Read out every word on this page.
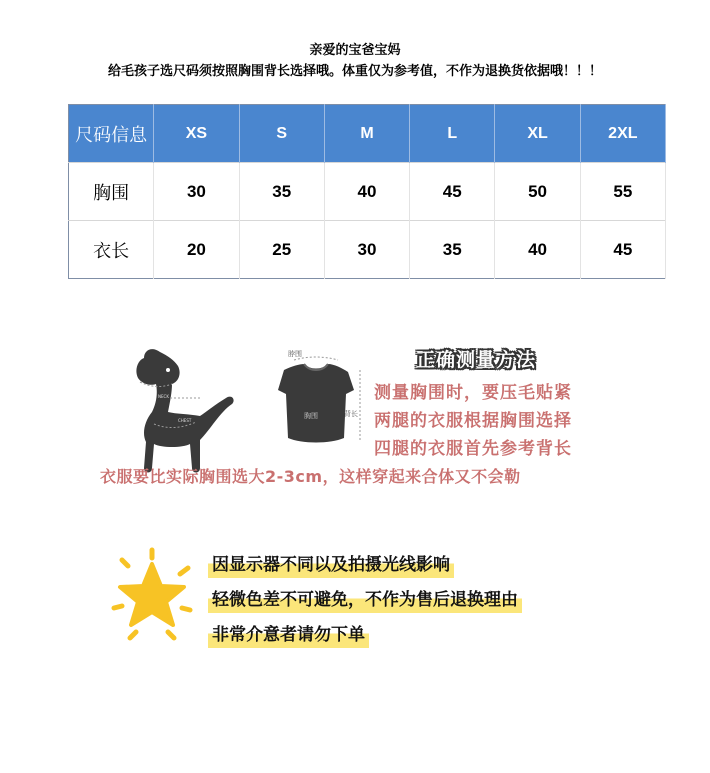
亲爱的宝爸宝妈
给毛孩子选尺码须按照胸围背长选择哦。体重仅为参考值，不作为退换货依据哦！！！
尺码信息	XS	S	M	L	XL	2XL
胸围	30	35	40	45	50	55
衣长	20	25	30	35	40	45
LENGTH/背长
NECK
CHEST
脖围
胸围	背长
正确测量方法
测量胸围时，要压毛贴紧
两腿的衣服根据胸围选择
四腿的衣服首先参考背长
衣服要比实际胸围选大2-3cm，这样穿起来合体又不会勒
因显示器不同以及拍摄光线影响
轻微色差不可避免，不作为售后退换理由
非常介意者请勿下单
